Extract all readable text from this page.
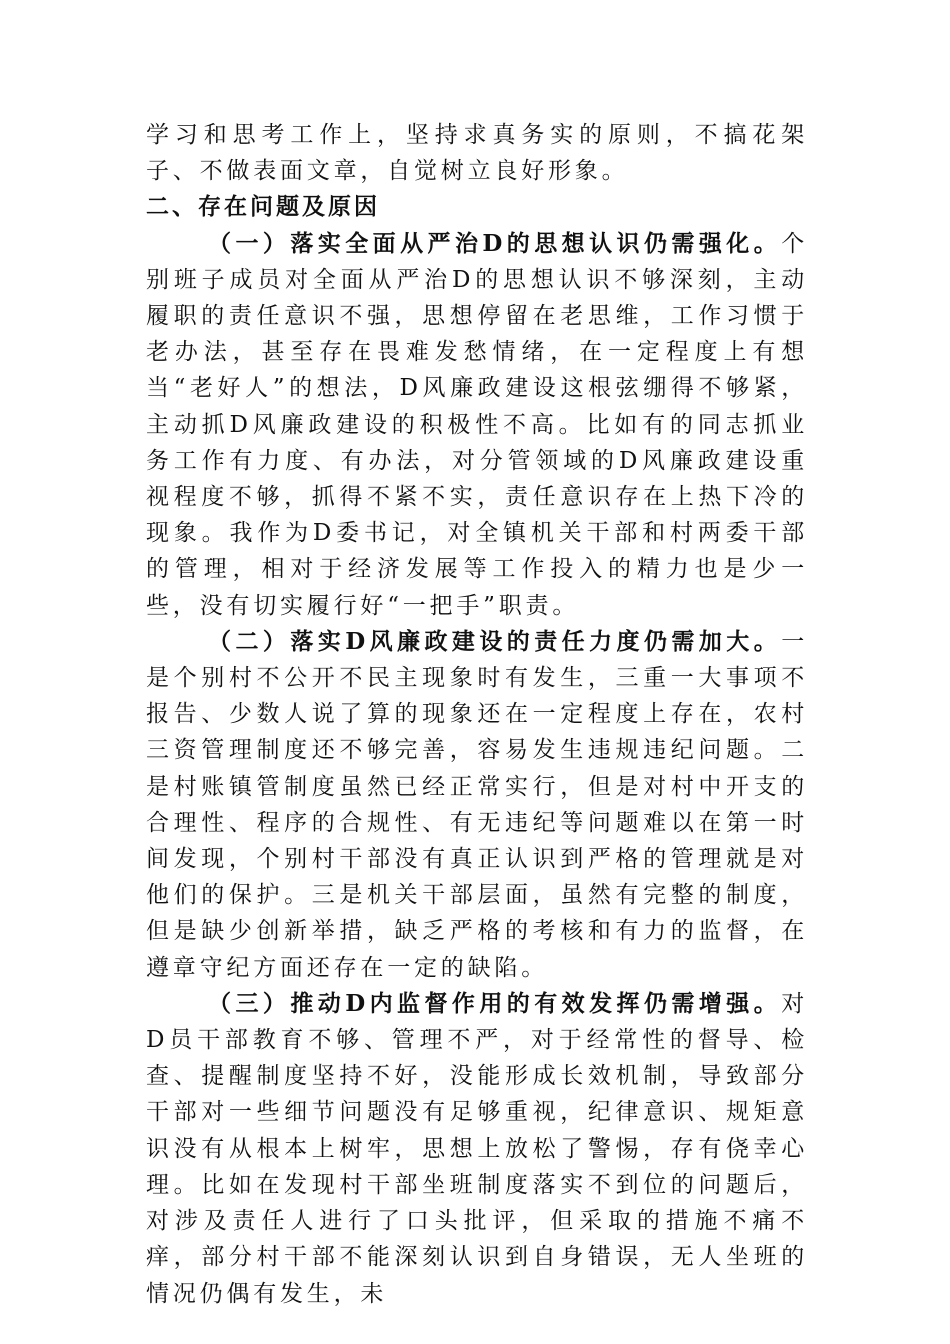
学习和思考工作上，坚持求真务实的原则，不搞花架子、不做表面文章，自觉树立良好形象。

二、存在问题及原因

（一）落实全面从严治D的思想认识仍需强化。个别班子成员对全面从严治D的思想认识不够深刻，主动履职的责任意识不强，思想停留在老思维，工作习惯于老办法，甚至存在畏难发愁情绪，在一定程度上有想当“老好人”的想法，D风廉政建设这根弦绷得不够紧，主动抓D风廉政建设的积极性不高。比如有的同志抓业务工作有力度、有办法，对分管领域的D风廉政建设重视程度不够，抓得不紧不实，责任意识存在上热下冷的现象。我作为D委书记，对全镇机关干部和村两委干部的管理，相对于经济发展等工作投入的精力也是少一些，没有切实履行好“一把手”职责。

（二）落实D风廉政建设的责任力度仍需加大。一是个别村不公开不民主现象时有发生，三重一大事项不报告、少数人说了算的现象还在一定程度上存在，农村三资管理制度还不够完善，容易发生违规违纪问题。二是村账镇管制度虽然已经正常实行，但是对村中开支的合理性、程序的合规性、有无违纪等问题难以在第一时间发现，个别村干部没有真正认识到严格的管理就是对他们的保护。三是机关干部层面，虽然有完整的制度，但是缺少创新举措，缺乏严格的考核和有力的监督，在遵章守纪方面还存在一定的缺陷。

（三）推动D内监督作用的有效发挥仍需增强。对D员干部教育不够、管理不严，对于经常性的督导、检查、提醒制度坚持不好，没能形成长效机制，导致部分干部对一些细节问题没有足够重视，纪律意识、规矩意识没有从根本上树牢，思想上放松了警惕，存有侥幸心理。比如在发现村干部坐班制度落实不到位的问题后，对涉及责任人进行了口头批评，但采取的措施不痛不痒，部分村干部不能深刻认识到自身错误，无人坐班的情况仍偶有发生，未
